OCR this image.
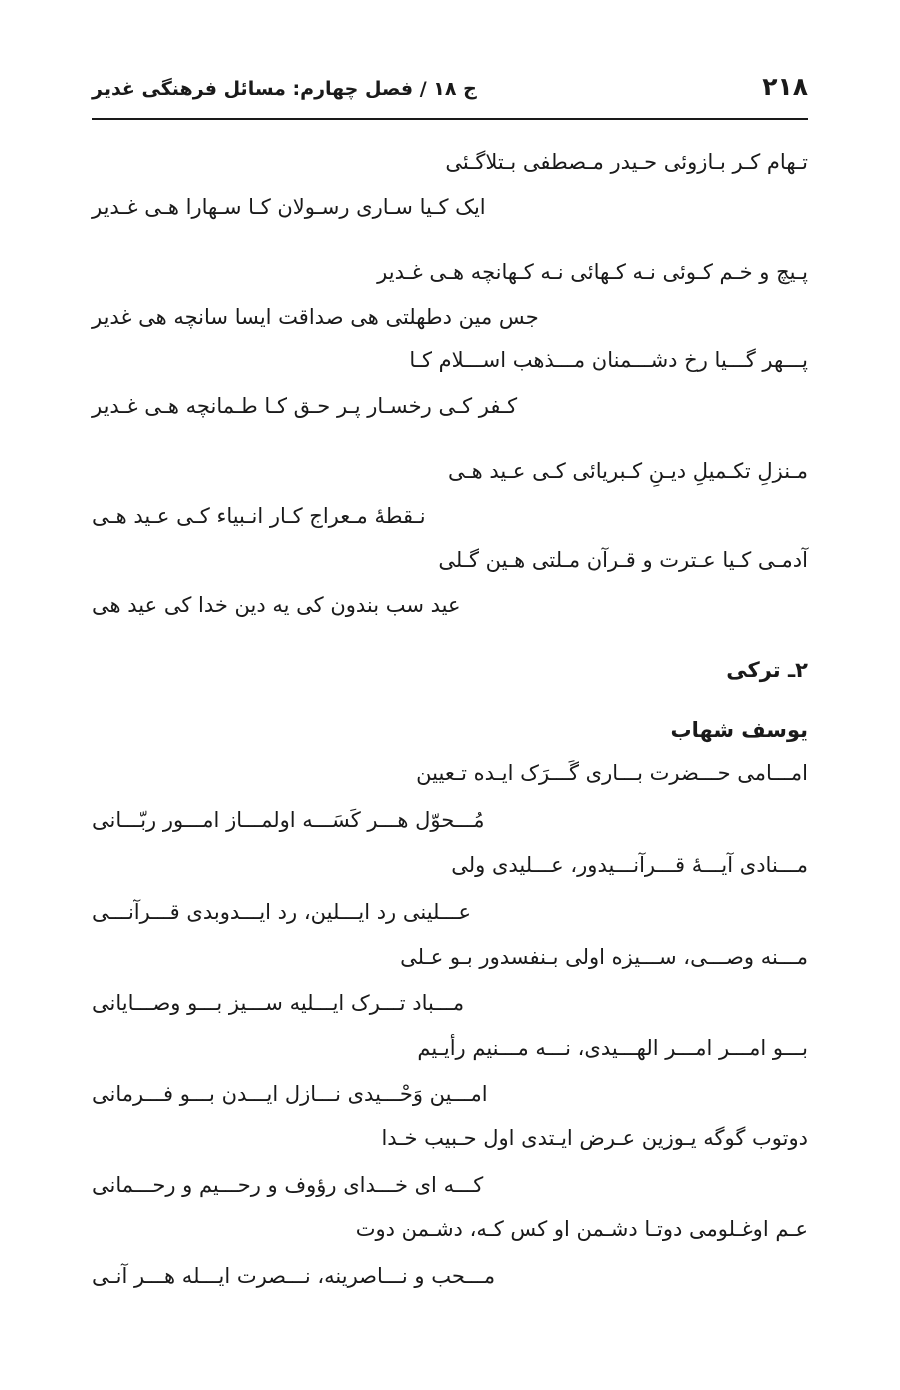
۲۱۸
ج ۱۸ / فصل چهارم: مسائل فرهنگی غدیر
تـهام کـر بـازوئی حـیدر مـصطفی بـتلاگـئی
ایک کـیا سـاری رسـولان کـا سـهارا هـی غـدیر
پـیچ و خـم کـوئی نـه کـهائی نـه کـهانچه هـی غـدیر
جس مین دطهلتی هی صداقت ایسا سانچه هی غدیر
پـــهر گـــیا رخ دشـــمنان مـــذهب اســـلام کـا
کـفر کـی رخسـار پـر حـق کـا طـمانچه هـی غـدیر
مـنزلِ تکـمیلِ دیـنِ کـبریائی کـی عـید هـی
نـقطهٔ مـعراج کـار انـبیاء کـی عـید هـی
آدمـی کـیا عـترت و قـرآن مـلتی هـین گـلی
عید سب بندون کی یه دین خدا کی عید هی
۲ـ ترکی
یوسف شهاب
امـــامی حـــضرت بـــاری گَـــرَک ایـده تـعیین
مُـــحوّل هـــر کَسَـــه اولمـــاز امـــور ربّـــانی
مـــنادی آیـــهٔ قـــرآنـــیدور، عـــلیدی ولی
عـــلینی رد ایـــلین، رد ایـــدوبدی قـــرآنـــی
مـــنه وصـــی، ســـیزه اولی بـنفسدور بـو عـلی
مـــباد تـــرک ایـــلیه ســـیز بـــو وصـــایانی
بـــو امـــر امـــر الهـــیدی، نـــه مـــنیم رأیـیم
امـــین وَحْـــیدی نـــازل ایـــدن بـــو فـــرمانی
دوتوب گوگه یـوزین عـرض ایـتدی اول حـبیب خـدا
کـــه ای خـــدای رؤوف و رحـــیم و رحـــمانی
عـم اوغـلومی دوتـا دشـمن او کس کـه، دشـمن دوت
مـــحب و نـــاصرینه، نـــصرت ایـــله هـــر آنـی
